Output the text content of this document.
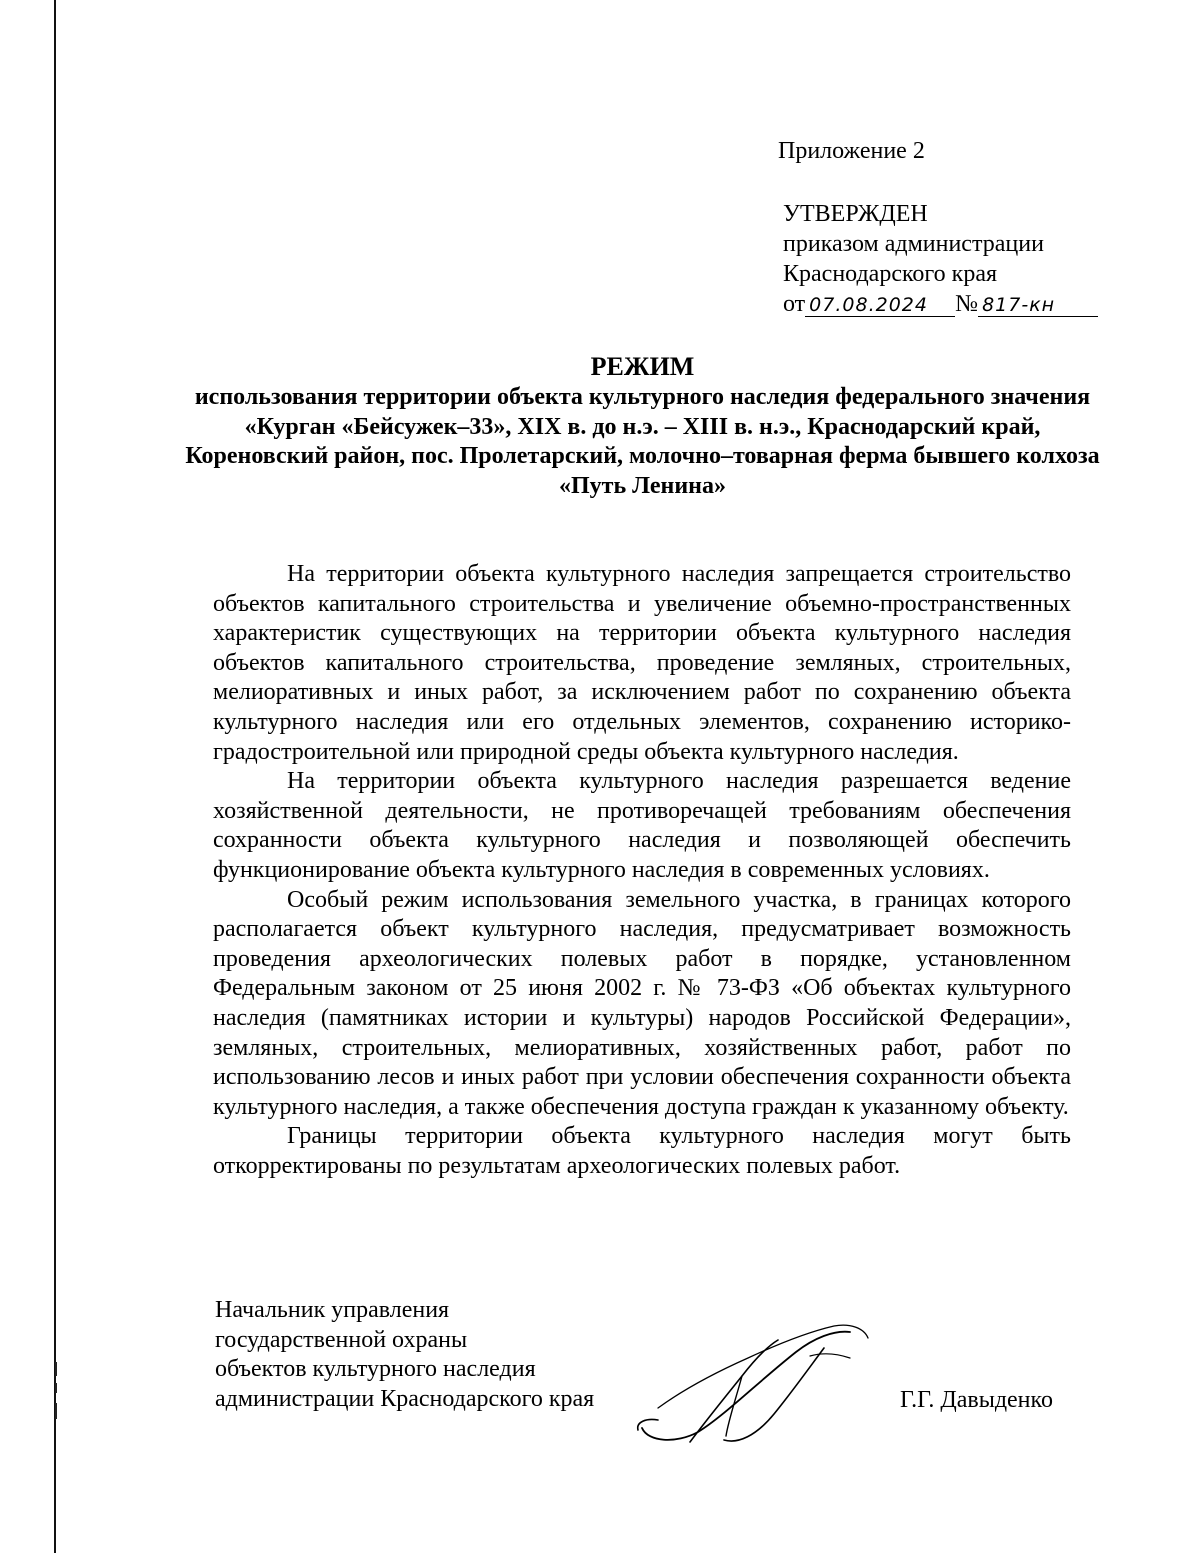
Приложение 2
УТВЕРЖДЕН
приказом администрации
Краснодарского края
от 07.08.2024 № 817-кн
РЕЖИМ
использования территории объекта культурного наследия федерального значения «Курган «Бейсужек–33», XIX в. до н.э. – XIII в. н.э., Краснодарский край, Кореновский район, пос. Пролетарский, молочно–товарная ферма бывшего колхоза «Путь Ленина»

На территории объекта культурного наследия запрещается строительство объектов капитального строительства и увеличение объемно-пространственных характеристик существующих на территории объекта культурного наследия объектов капитального строительства, проведение земляных, строительных, мелиоративных и иных работ, за исключением работ по сохранению объекта культурного наследия или его отдельных элементов, сохранению историко-градостроительной или природной среды объекта культурного наследия.

На территории объекта культурного наследия разрешается ведение хозяйственной деятельности, не противоречащей требованиям обеспечения сохранности объекта культурного наследия и позволяющей обеспечить функционирование объекта культурного наследия в современных условиях.

Особый режим использования земельного участка, в границах которого располагается объект культурного наследия, предусматривает возможность проведения археологических полевых работ в порядке, установленном Федеральным законом от 25 июня 2002 г. № 73-ФЗ «Об объектах культурного наследия (памятниках истории и культуры) народов Российской Федерации», земляных, строительных, мелиоративных, хозяйственных работ, работ по использованию лесов и иных работ при условии обеспечения сохранности объекта культурного наследия, а также обеспечения доступа граждан к указанному объекту.

Границы территории объекта культурного наследия могут быть откорректированы по результатам археологических полевых работ.

Начальник управления
государственной охраны
объектов культурного наследия
администрации Краснодарского края	Г.Г. Давыденко
